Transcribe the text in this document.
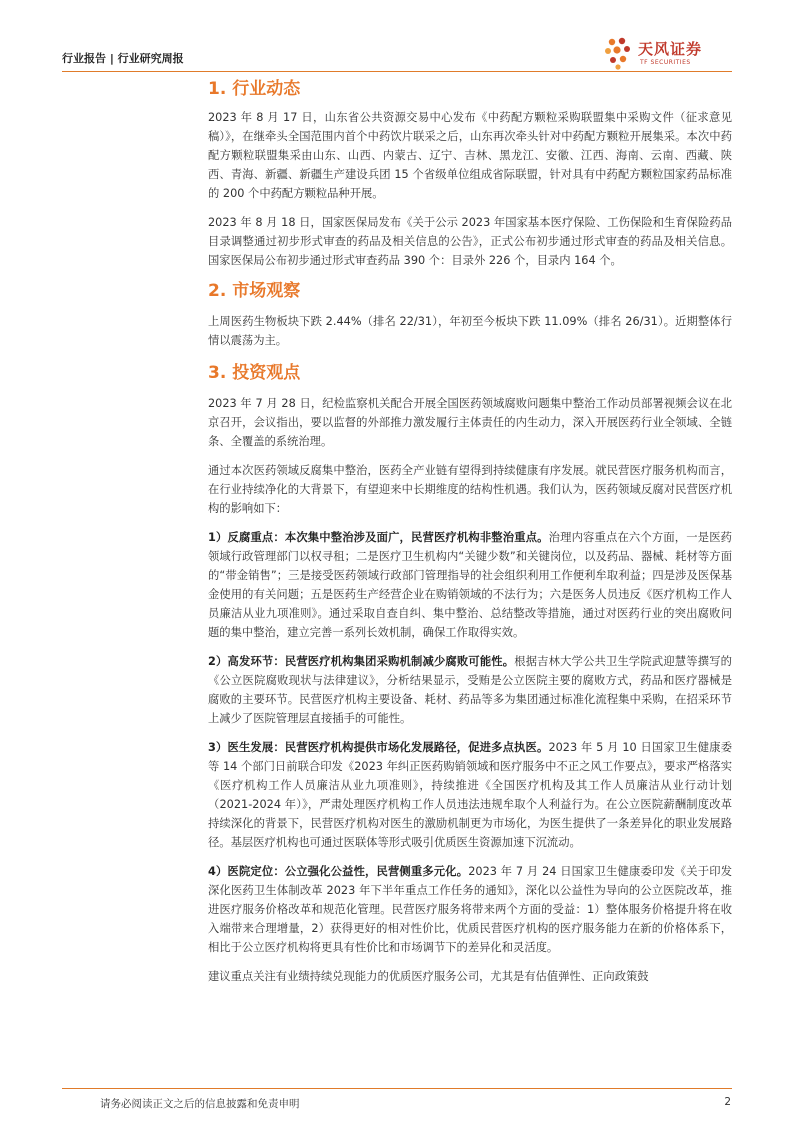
行业报告 | 行业研究周报
天风证券
TF SECURITIES
1. 行业动态

2023 年 8 月 17 日，山东省公共资源交易中心发布《中药配方颗粒采购联盟集中采购文件（征求意见稿）》，在继牵头全国范围内首个中药饮片联采之后，山东再次牵头针对中药配方颗粒开展集采。本次中药配方颗粒联盟集采由山东、山西、内蒙古、辽宁、吉林、黑龙江、安徽、江西、海南、云南、西藏、陕西、青海、新疆、新疆生产建设兵团 15 个省级单位组成省际联盟，针对具有中药配方颗粒国家药品标准的 200 个中药配方颗粒品种开展。

2023 年 8 月 18 日，国家医保局发布《关于公示 2023 年国家基本医疗保险、工伤保险和生育保险药品目录调整通过初步形式审查的药品及相关信息的公告》，正式公布初步通过形式审查的药品及相关信息。国家医保局公布初步通过形式审查药品 390 个：目录外 226 个，目录内 164 个。

2. 市场观察

上周医药生物板块下跌 2.44%（排名 22/31），年初至今板块下跌 11.09%（排名 26/31）。近期整体行情以震荡为主。

3. 投资观点

2023 年 7 月 28 日，纪检监察机关配合开展全国医药领域腐败问题集中整治工作动员部署视频会议在北京召开，会议指出，要以监督的外部推力激发履行主体责任的内生动力，深入开展医药行业全领域、全链条、全覆盖的系统治理。

通过本次医药领域反腐集中整治，医药全产业链有望得到持续健康有序发展。就民营医疗服务机构而言，在行业持续净化的大背景下，有望迎来中长期维度的结构性机遇。我们认为，医药领域反腐对民营医疗机构的影响如下：

1）反腐重点：本次集中整治涉及面广，民营医疗机构非整治重点。治理内容重点在六个方面，一是医药领域行政管理部门以权寻租；二是医疗卫生机构内“关键少数”和关键岗位，以及药品、器械、耗材等方面的“带金销售”；三是接受医药领域行政部门管理指导的社会组织利用工作便利牟取利益；四是涉及医保基金使用的有关问题；五是医药生产经营企业在购销领域的不法行为；六是医务人员违反《医疗机构工作人员廉洁从业九项准则》。通过采取自查自纠、集中整治、总结整改等措施，通过对医药行业的突出腐败问题的集中整治，建立完善一系列长效机制，确保工作取得实效。

2）高发环节：民营医疗机构集团采购机制减少腐败可能性。根据吉林大学公共卫生学院武迎慧等撰写的《公立医院腐败现状与法律建议》，分析结果显示，受贿是公立医院主要的腐败方式，药品和医疗器械是腐败的主要环节。民营医疗机构主要设备、耗材、药品等多为集团通过标准化流程集中采购，在招采环节上减少了医院管理层直接插手的可能性。

3）医生发展：民营医疗机构提供市场化发展路径，促进多点执医。2023 年 5 月 10 日国家卫生健康委等 14 个部门日前联合印发《2023 年纠正医药购销领域和医疗服务中不正之风工作要点》，要求严格落实《医疗机构工作人员廉洁从业九项准则》，持续推进《全国医疗机构及其工作人员廉洁从业行动计划（2021-2024 年）》，严肃处理医疗机构工作人员违法违规牟取个人利益行为。在公立医院薪酬制度改革持续深化的背景下，民营医疗机构对医生的激励机制更为市场化，为医生提供了一条差异化的职业发展路径。基层医疗机构也可通过医联体等形式吸引优质医生资源加速下沉流动。

4）医院定位：公立强化公益性，民营侧重多元化。2023 年 7 月 24 日国家卫生健康委印发《关于印发深化医药卫生体制改革 2023 年下半年重点工作任务的通知》，深化以公益性为导向的公立医院改革，推进医疗服务价格改革和规范化管理。民营医疗服务将带来两个方面的受益：1）整体服务价格提升将在收入端带来合理增量，2）获得更好的相对性价比，优质民营医疗机构的医疗服务能力在新的价格体系下，相比于公立医疗机构将更具有性价比和市场调节下的差异化和灵活度。

建议重点关注有业绩持续兑现能力的优质医疗服务公司，尤其是有估值弹性、正向政策鼓

请务必阅读正文之后的信息披露和免责申明	2
